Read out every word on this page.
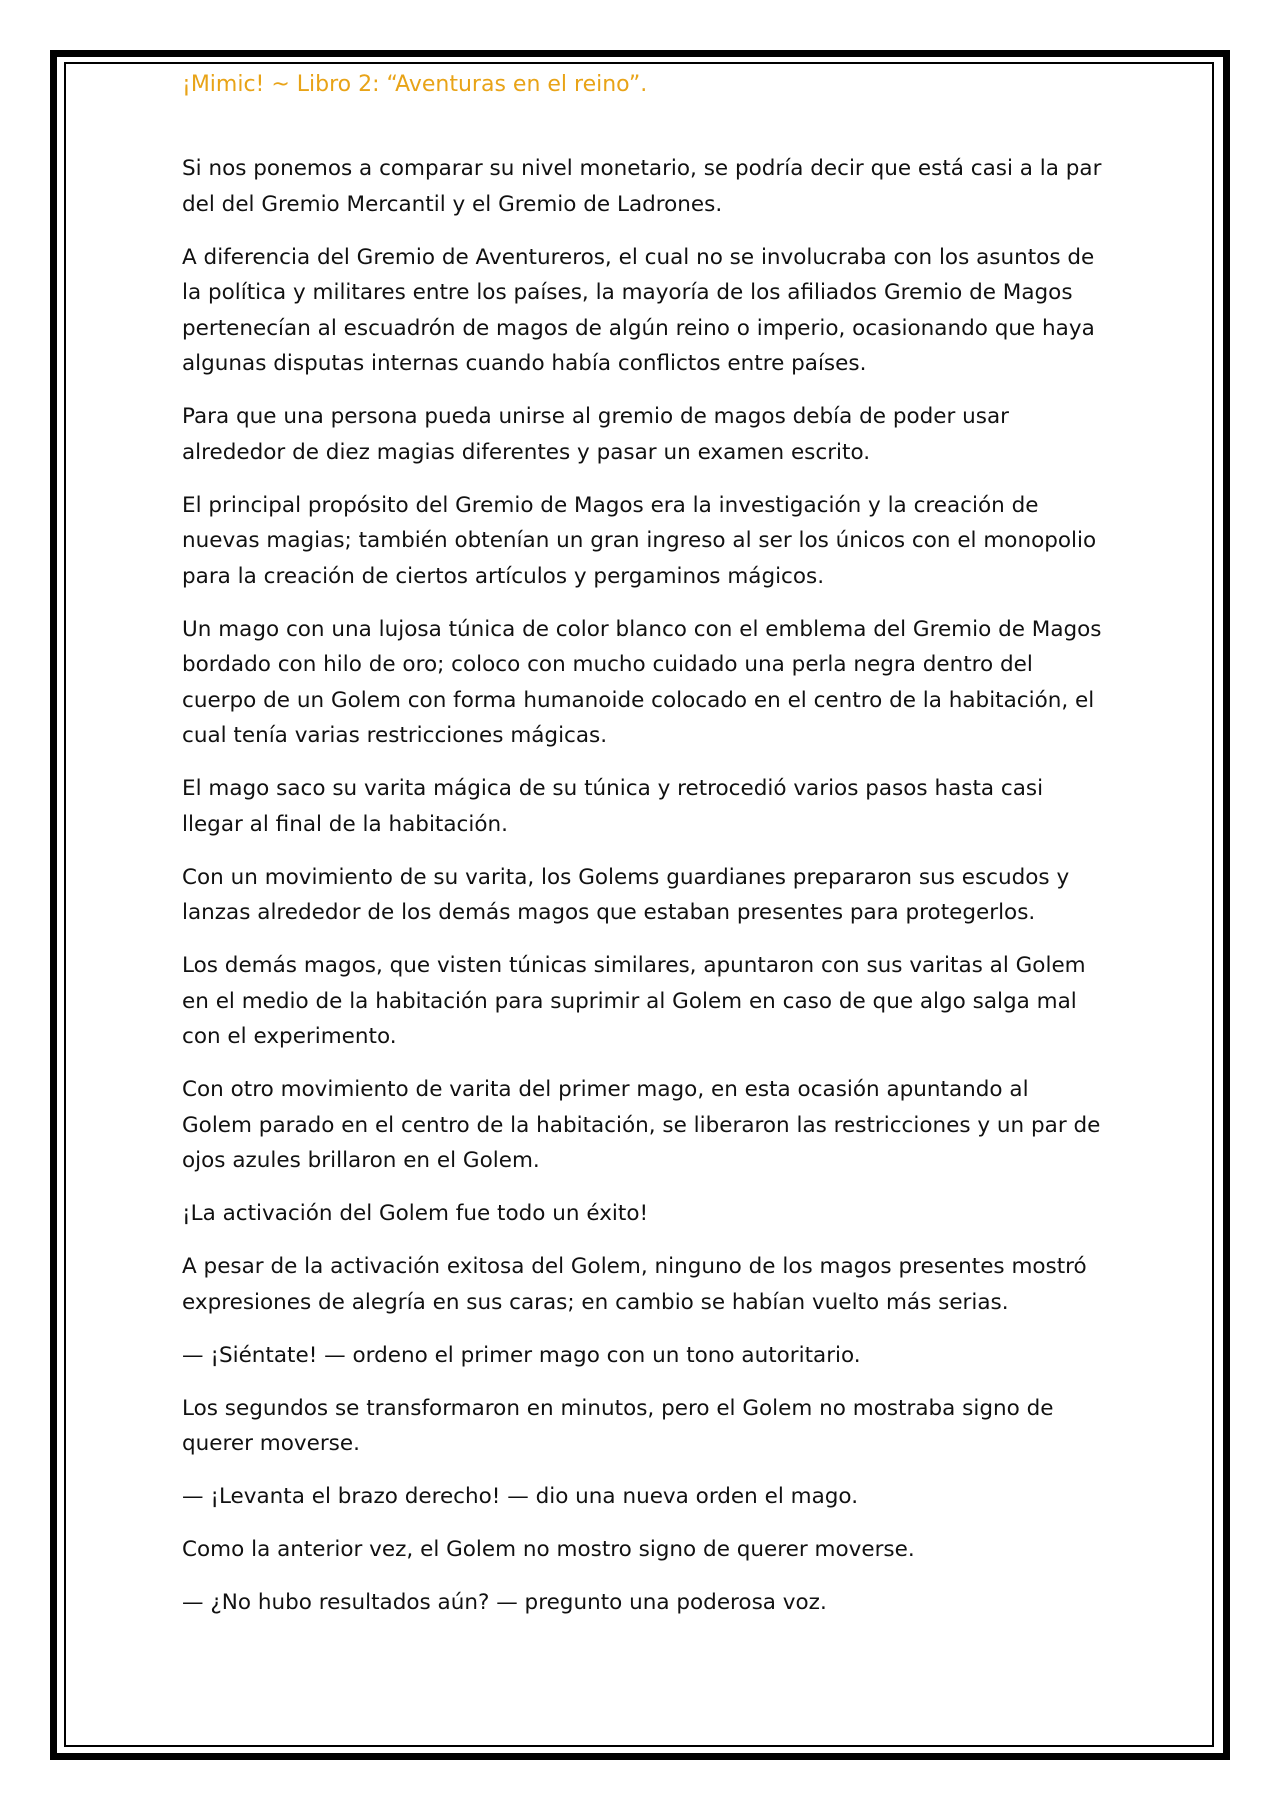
¡Mimic! ~ Libro 2: “Aventuras en el reino”.

Si nos ponemos a comparar su nivel monetario, se podría decir que está casi a la par del del Gremio Mercantil y el Gremio de Ladrones.

A diferencia del Gremio de Aventureros, el cual no se involucraba con los asuntos de la política y militares entre los países, la mayoría de los afiliados Gremio de Magos pertenecían al escuadrón de magos de algún reino o imperio, ocasionando que haya algunas disputas internas cuando había conflictos entre países.

Para que una persona pueda unirse al gremio de magos debía de poder usar alrededor de diez magias diferentes y pasar un examen escrito.

El principal propósito del Gremio de Magos era la investigación y la creación de nuevas magias; también obtenían un gran ingreso al ser los únicos con el monopolio para la creación de ciertos artículos y pergaminos mágicos.

Un mago con una lujosa túnica de color blanco con el emblema del Gremio de Magos bordado con hilo de oro; coloco con mucho cuidado una perla negra dentro del cuerpo de un Golem con forma humanoide colocado en el centro de la habitación, el cual tenía varias restricciones mágicas.

El mago saco su varita mágica de su túnica y retrocedió varios pasos hasta casi llegar al final de la habitación.

Con un movimiento de su varita, los Golems guardianes prepararon sus escudos y lanzas alrededor de los demás magos que estaban presentes para protegerlos.

Los demás magos, que visten túnicas similares, apuntaron con sus varitas al Golem en el medio de la habitación para suprimir al Golem en caso de que algo salga mal con el experimento.

Con otro movimiento de varita del primer mago, en esta ocasión apuntando al Golem parado en el centro de la habitación, se liberaron las restricciones y un par de ojos azules brillaron en el Golem.

¡La activación del Golem fue todo un éxito!

A pesar de la activación exitosa del Golem, ninguno de los magos presentes mostró expresiones de alegría en sus caras; en cambio se habían vuelto más serias.

— ¡Siéntate! — ordeno el primer mago con un tono autoritario.

Los segundos se transformaron en minutos, pero el Golem no mostraba signo de querer moverse.

— ¡Levanta el brazo derecho! — dio una nueva orden el mago.

Como la anterior vez, el Golem no mostro signo de querer moverse.

— ¿No hubo resultados aún? — pregunto una poderosa voz.
